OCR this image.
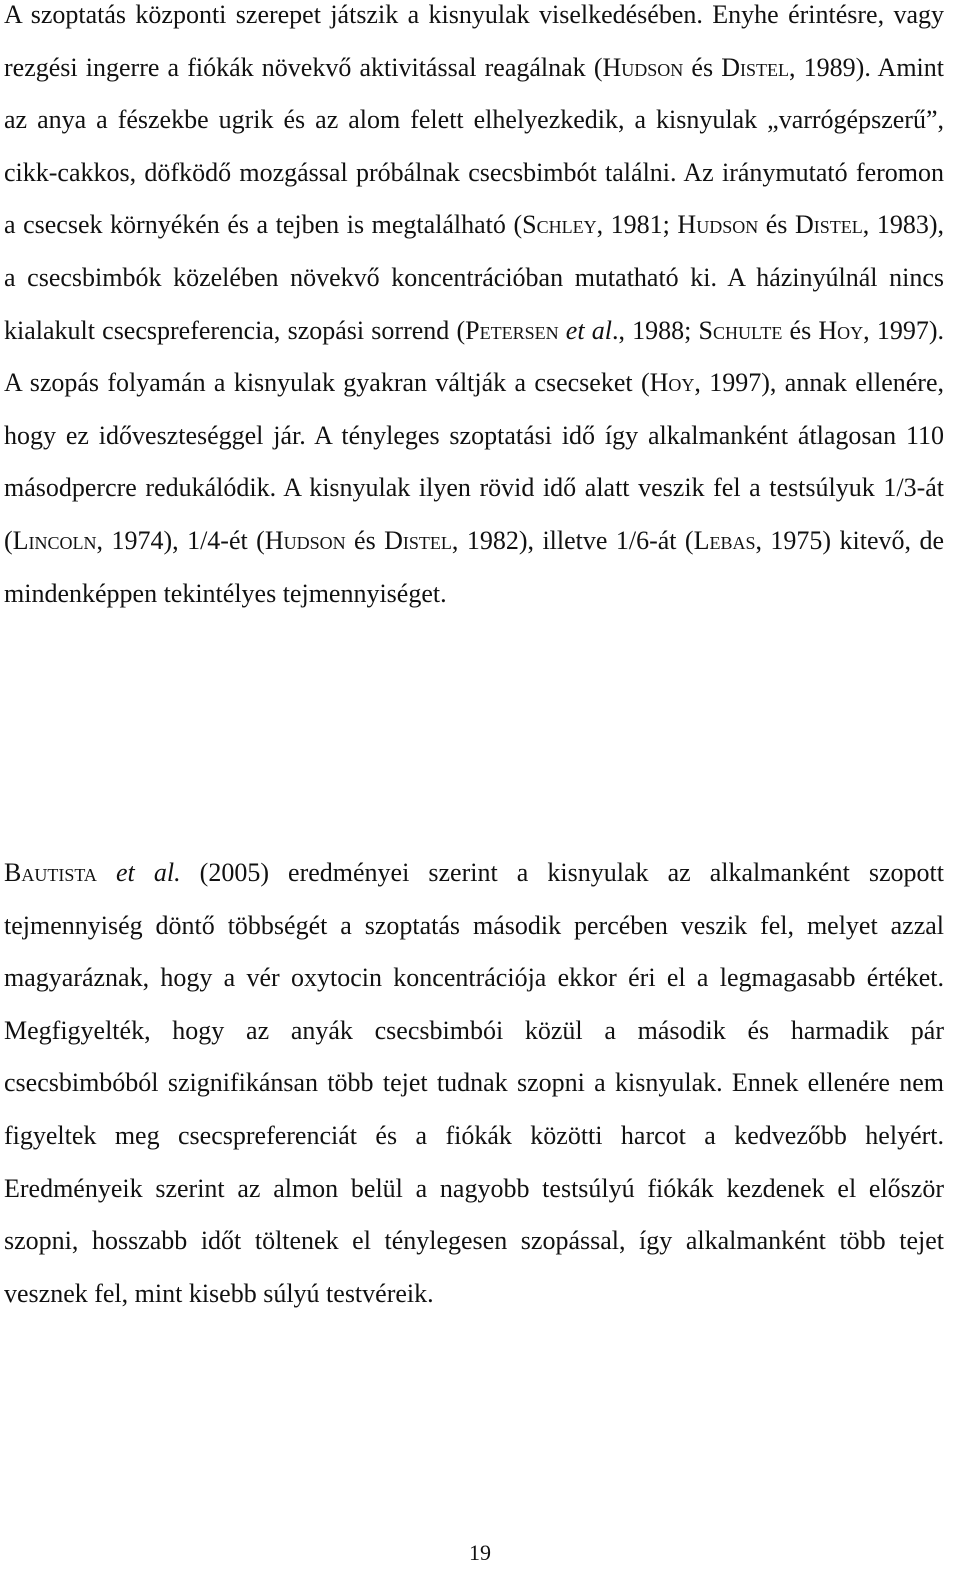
A szoptatás központi szerepet játszik a kisnyulak viselkedésében. Enyhe érintésre, vagy rezgési ingerre a fiókák növekvő aktivitással reagálnak (Hudson és Distel, 1989). Amint az anya a fészekbe ugrik és az alom felett elhelyezkedik, a kisnyulak „varrógépszerű”, cikk-cakkos, döfködő mozgással próbálnak csecsbimbót találni. Az iránymutató feromon a csecsek környékén és a tejben is megtalálható (Schley, 1981; Hudson és Distel, 1983), a csecsbimbók közelében növekvő koncentrációban mutatható ki. A házinyúlnál nincs kialakult csecspreferencia, szopási sorrend (Petersen et al., 1988; Schulte és Hoy, 1997). A szopás folyamán a kisnyulak gyakran váltják a csecseket (Hoy, 1997), annak ellenére, hogy ez időveszteséggel jár. A tényleges szoptatási idő így alkalmanként átlagosan 110 másodpercre redukálódik. A kisnyulak ilyen rövid idő alatt veszik fel a testsúlyuk 1/3-át (Lincoln, 1974), 1/4-ét (Hudson és Distel, 1982), illetve 1/6-át (Lebas, 1975) kitevő, de mindenképpen tekintélyes tejmennyiséget.

Bautista et al. (2005) eredményei szerint a kisnyulak az alkalmanként szopott tejmennyiség döntő többségét a szoptatás második percében veszik fel, melyet azzal magyaráznak, hogy a vér oxytocin koncentrációja ekkor éri el a legmagasabb értéket. Megfigyelték, hogy az anyák csecsbimbói közül a második és harmadik pár csecsbimbóból szignifikánsan több tejet tudnak szopni a kisnyulak. Ennek ellenére nem figyeltek meg csecspreferenciát és a fiókák közötti harcot a kedvezőbb helyért. Eredményeik szerint az almon belül a nagyobb testsúlyú fiókák kezdenek el először szopni, hosszabb időt töltenek el ténylegesen szopással, így alkalmanként több tejet vesznek fel, mint kisebb súlyú testvéreik.

19
